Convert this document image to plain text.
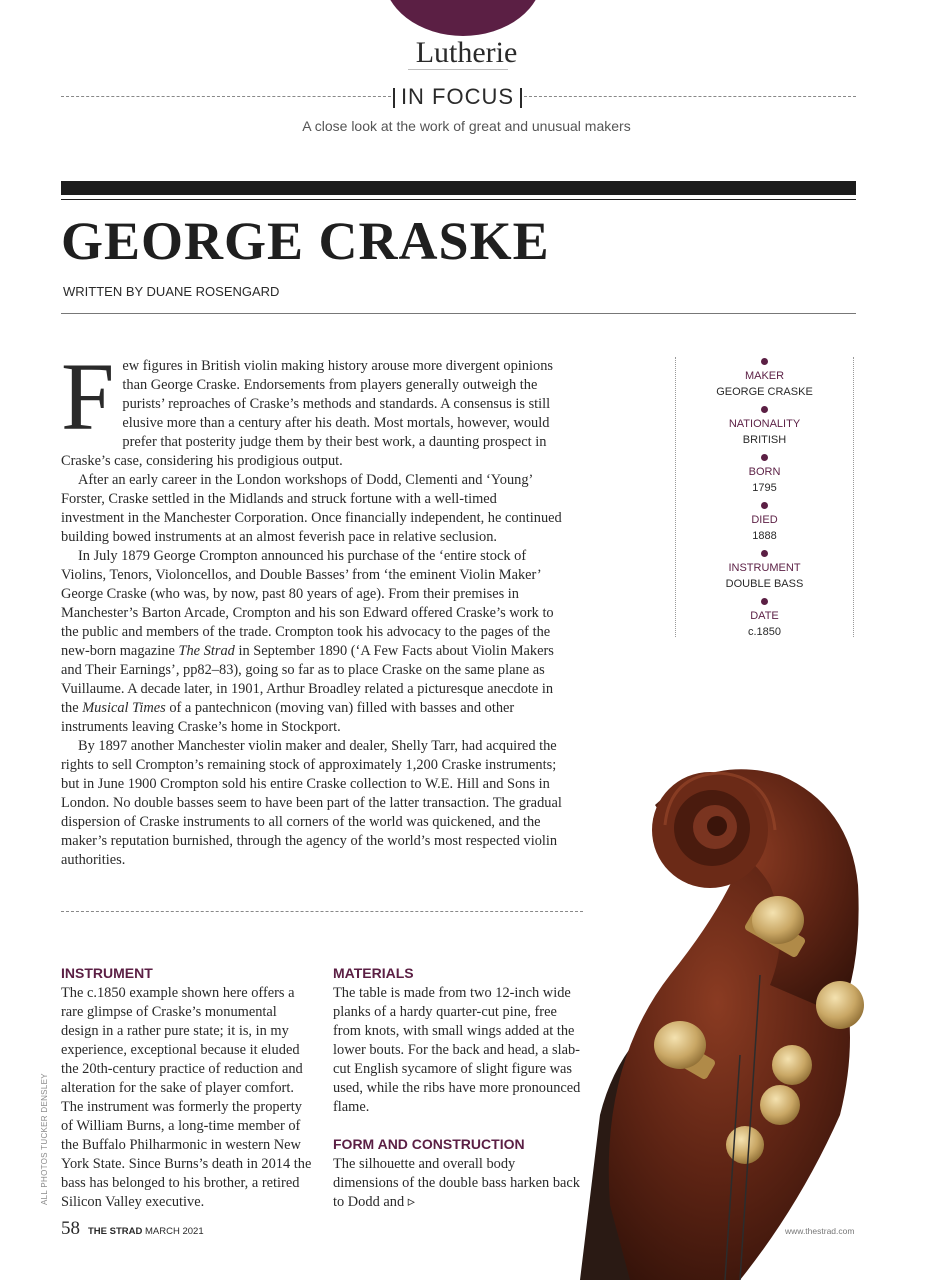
Lutherie
IN FOCUS
A close look at the work of great and unusual makers
GEORGE CRASKE
WRITTEN BY DUANE ROSENGARD

Few figures in British violin making history arouse more divergent opinions than George Craske. Endorsements from players generally outweigh the purists’ reproaches of Craske’s methods and standards. A consensus is still elusive more than a century after his death. Most mortals, however, would prefer that posterity judge them by their best work, a daunting prospect in Craske’s case, considering his prodigious output.

After an early career in the London workshops of Dodd, Clementi and ‘Young’ Forster, Craske settled in the Midlands and struck fortune with a well-timed investment in the Manchester Corporation. Once financially independent, he continued building bowed instruments at an almost feverish pace in relative seclusion.

In July 1879 George Crompton announced his purchase of the ‘entire stock of Violins, Tenors, Violoncellos, and Double Basses’ from ‘the eminent Violin Maker’ George Craske (who was, by now, past 80 years of age). From their premises in Manchester’s Barton Arcade, Crompton and his son Edward offered Craske’s work to the public and members of the trade. Crompton took his advocacy to the pages of the new-born magazine The Strad in September 1890 (‘A Few Facts about Violin Makers and Their Earnings’, pp82–83), going so far as to place Craske on the same plane as Vuillaume. A decade later, in 1901, Arthur Broadley related a picturesque anecdote in the Musical Times of a pantechnicon (moving van) filled with basses and other instruments leaving Craske’s home in Stockport.

By 1897 another Manchester violin maker and dealer, Shelly Tarr, had acquired the rights to sell Crompton’s remaining stock of approximately 1,200 Craske instruments; but in June 1900 Crompton sold his entire Craske collection to W.E. Hill and Sons in London. No double basses seem to have been part of the latter transaction. The gradual dispersion of Craske instruments to all corners of the world was quickened, and the maker’s reputation burnished, through the agency of the world’s most respected violin authorities.

MAKER
GEORGE CRASKE
NATIONALITY
BRITISH
BORN
1795
DIED
1888
INSTRUMENT
DOUBLE BASS
DATE
c.1850
INSTRUMENT
The c.1850 example shown here offers a rare glimpse of Craske’s monumental design in a rather pure state; it is, in my experience, exceptional because it eluded the 20th-century practice of reduction and alteration for the sake of player comfort. The instrument was formerly the property of William Burns, a long-time member of the Buffalo Philharmonic in western New York State. Since Burns’s death in 2014 the bass has belonged to his brother, a retired Silicon Valley executive.
MATERIALS
The table is made from two 12-inch wide planks of a hardy quarter-cut pine, free from knots, with small wings added at the lower bouts. For the back and head, a slab-cut English sycamore of slight figure was used, while the ribs have more pronounced flame.
FORM AND CONSTRUCTION
The silhouette and overall body dimensions of the double bass harken back to Dodd and ▹
ALL PHOTOS TUCKER DENSLEY
58 THE STRAD MARCH 2021	www.thestrad.com
